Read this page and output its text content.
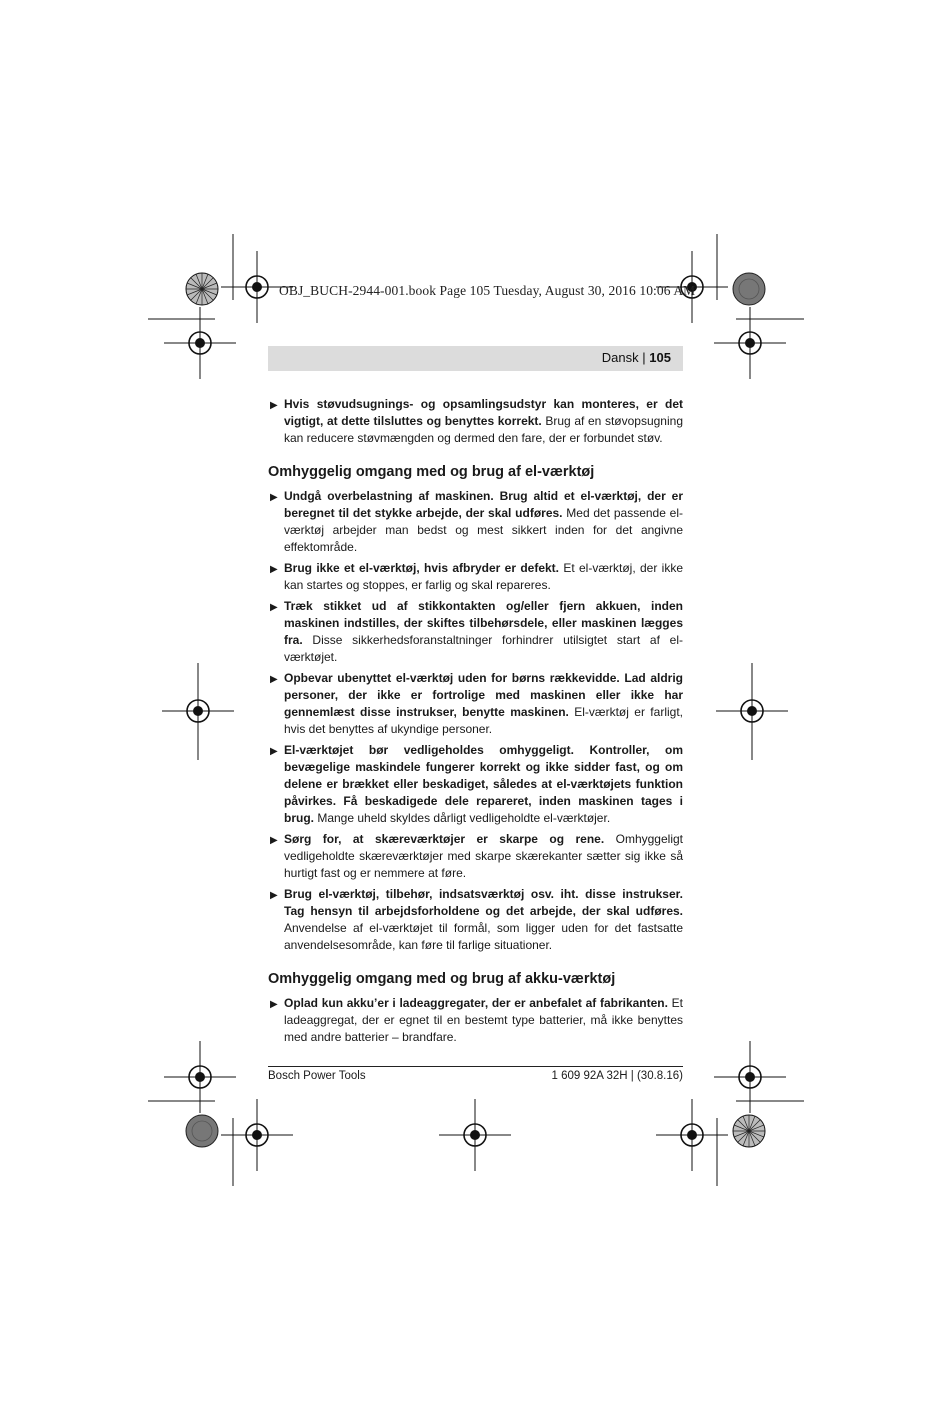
OBJ_BUCH-2944-001.book Page 105 Tuesday, August 30, 2016 10:06 AM
Dansk | 105
▶ Hvis støvudsugnings- og opsamlingsudstyr kan monteres, er det vigtigt, at dette tilsluttes og benyttes korrekt. Brug af en støvopsugning kan reducere støvmængden og dermed den fare, der er forbundet støv.
Omhyggelig omgang med og brug af el-værktøj
▶ Undgå overbelastning af maskinen. Brug altid et el-værktøj, der er beregnet til det stykke arbejde, der skal udføres. Med det passende el-værktøj arbejder man bedst og mest sikkert inden for det angivne effektområde.
▶ Brug ikke et el-værktøj, hvis afbryder er defekt. Et el-værktøj, der ikke kan startes og stoppes, er farlig og skal repareres.
▶ Træk stikket ud af stikkontakten og/eller fjern akkuen, inden maskinen indstilles, der skiftes tilbehørsdele, eller maskinen lægges fra. Disse sikkerhedsforanstaltninger forhindrer utilsigtet start af el-værktøjet.
▶ Opbevar ubenyttet el-værktøj uden for børns rækkevidde. Lad aldrig personer, der ikke er fortrolige med maskinen eller ikke har gennemlæst disse instrukser, benytte maskinen. El-værktøj er farligt, hvis det benyttes af ukyndige personer.
▶ El-værktøjet bør vedligeholdes omhyggeligt. Kontroller, om bevægelige maskindele fungerer korrekt og ikke sidder fast, og om delene er brækket eller beskadiget, således at el-værktøjets funktion påvirkes. Få beskadigede dele repareret, inden maskinen tages i brug. Mange uheld skyldes dårligt vedligeholdte el-værktøjer.
▶ Sørg for, at skæreværktøjer er skarpe og rene. Omhyggeligt vedligeholdte skæreværktøjer med skarpe skærekanter sætter sig ikke så hurtigt fast og er nemmere at føre.
▶ Brug el-værktøj, tilbehør, indsatsværktøj osv. iht. disse instrukser. Tag hensyn til arbejdsforholdene og det arbejde, der skal udføres. Anvendelse af el-værktøjet til formål, som ligger uden for det fastsatte anvendelsesområde, kan føre til farlige situationer.
Omhyggelig omgang med og brug af akku-værktøj
▶ Oplad kun akku’er i ladeaggregater, der er anbefalet af fabrikanten. Et ladeaggregat, der er egnet til en bestemt type batterier, må ikke benyttes med andre batterier – brandfare.
Bosch Power Tools	1 609 92A 32H | (30.8.16)
